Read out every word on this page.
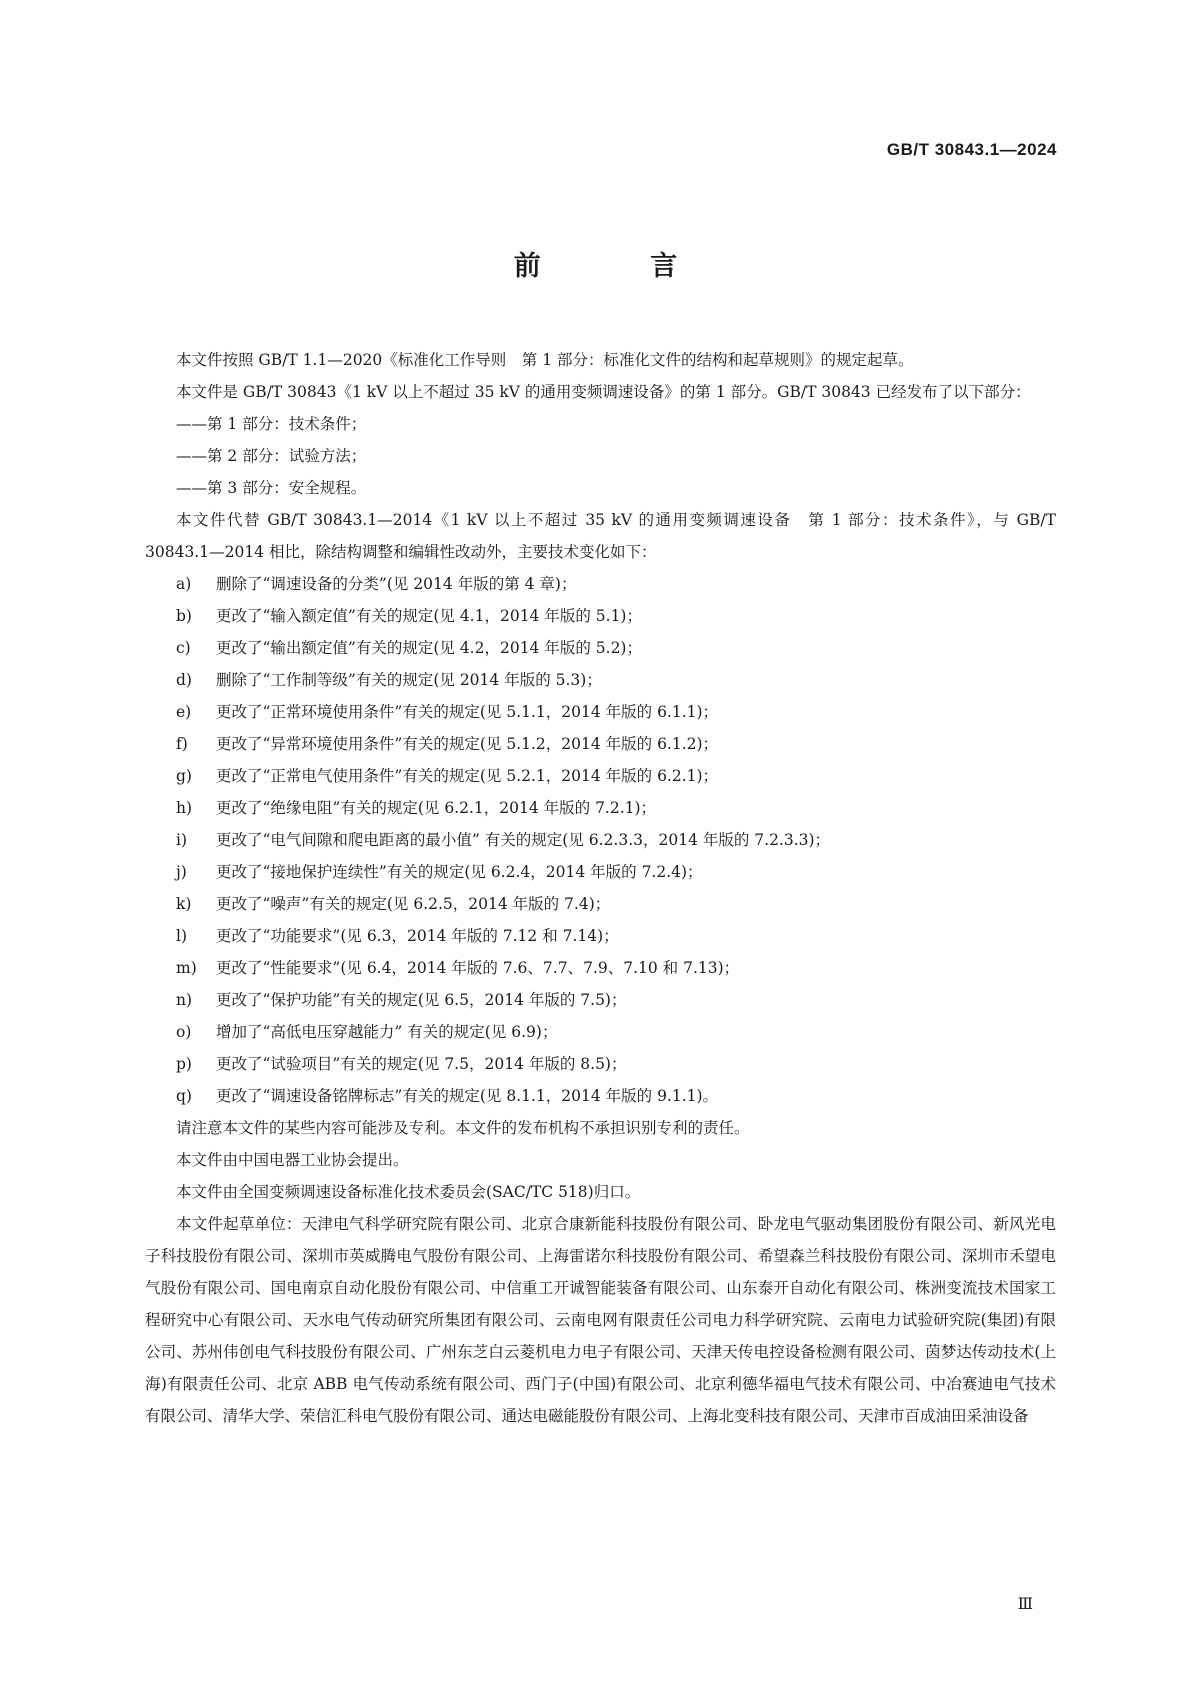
GB/T 30843.1—2024
前 言

本文件按照 GB/T 1.1—2020《标准化工作导则　第 1 部分：标准化文件的结构和起草规则》的规定起草。

本文件是 GB/T 30843《1 kV 以上不超过 35 kV 的通用变频调速设备》的第 1 部分。GB/T 30843 已经发布了以下部分：

——第 1 部分：技术条件；

——第 2 部分：试验方法；

——第 3 部分：安全规程。

本文件代替 GB/T 30843.1—2014《1 kV 以上不超过 35 kV 的通用变频调速设备　第 1 部分：技术条件》，与 GB/T 30843.1—2014 相比，除结构调整和编辑性改动外，主要技术变化如下：

a)	删除了“调速设备的分类”(见 2014 年版的第 4 章)；
b)	更改了“输入额定值”有关的规定(见 4.1，2014 年版的 5.1)；
c)	更改了“输出额定值”有关的规定(见 4.2，2014 年版的 5.2)；
d)	删除了“工作制等级”有关的规定(见 2014 年版的 5.3)；
e)	更改了“正常环境使用条件”有关的规定(见 5.1.1，2014 年版的 6.1.1)；
f)	更改了“异常环境使用条件”有关的规定(见 5.1.2，2014 年版的 6.1.2)；
g)	更改了“正常电气使用条件”有关的规定(见 5.2.1，2014 年版的 6.2.1)；
h)	更改了“绝缘电阻”有关的规定(见 6.2.1，2014 年版的 7.2.1)；
i)	更改了“电气间隙和爬电距离的最小值” 有关的规定(见 6.2.3.3，2014 年版的 7.2.3.3)；
j)	更改了“接地保护连续性”有关的规定(见 6.2.4，2014 年版的 7.2.4)；
k)	更改了“噪声”有关的规定(见 6.2.5，2014 年版的 7.4)；
l)	更改了“功能要求”(见 6.3，2014 年版的 7.12 和 7.14)；
m)	更改了“性能要求”(见 6.4，2014 年版的 7.6、7.7、7.9、7.10 和 7.13)；
n)	更改了“保护功能”有关的规定(见 6.5，2014 年版的 7.5)；
o)	增加了“高低电压穿越能力” 有关的规定(见 6.9)；
p)	更改了“试验项目”有关的规定(见 7.5，2014 年版的 8.5)；
q)	更改了“调速设备铭牌标志”有关的规定(见 8.1.1，2014 年版的 9.1.1)。

请注意本文件的某些内容可能涉及专利。本文件的发布机构不承担识别专利的责任。

本文件由中国电器工业协会提出。

本文件由全国变频调速设备标准化技术委员会(SAC/TC 518)归口。

本文件起草单位：天津电气科学研究院有限公司、北京合康新能科技股份有限公司、卧龙电气驱动集团股份有限公司、新风光电子科技股份有限公司、深圳市英威腾电气股份有限公司、上海雷诺尔科技股份有限公司、希望森兰科技股份有限公司、深圳市禾望电气股份有限公司、国电南京自动化股份有限公司、中信重工开诚智能装备有限公司、山东泰开自动化有限公司、株洲变流技术国家工程研究中心有限公司、天水电气传动研究所集团有限公司、云南电网有限责任公司电力科学研究院、云南电力试验研究院(集团)有限公司、苏州伟创电气科技股份有限公司、广州东芝白云菱机电力电子有限公司、天津天传电控设备检测有限公司、茵梦达传动技术(上海)有限责任公司、北京 ABB 电气传动系统有限公司、西门子(中国)有限公司、北京利德华福电气技术有限公司、中冶赛迪电气技术有限公司、清华大学、荣信汇科电气股份有限公司、通达电磁能股份有限公司、上海北变科技有限公司、天津市百成油田采油设备

Ⅲ
